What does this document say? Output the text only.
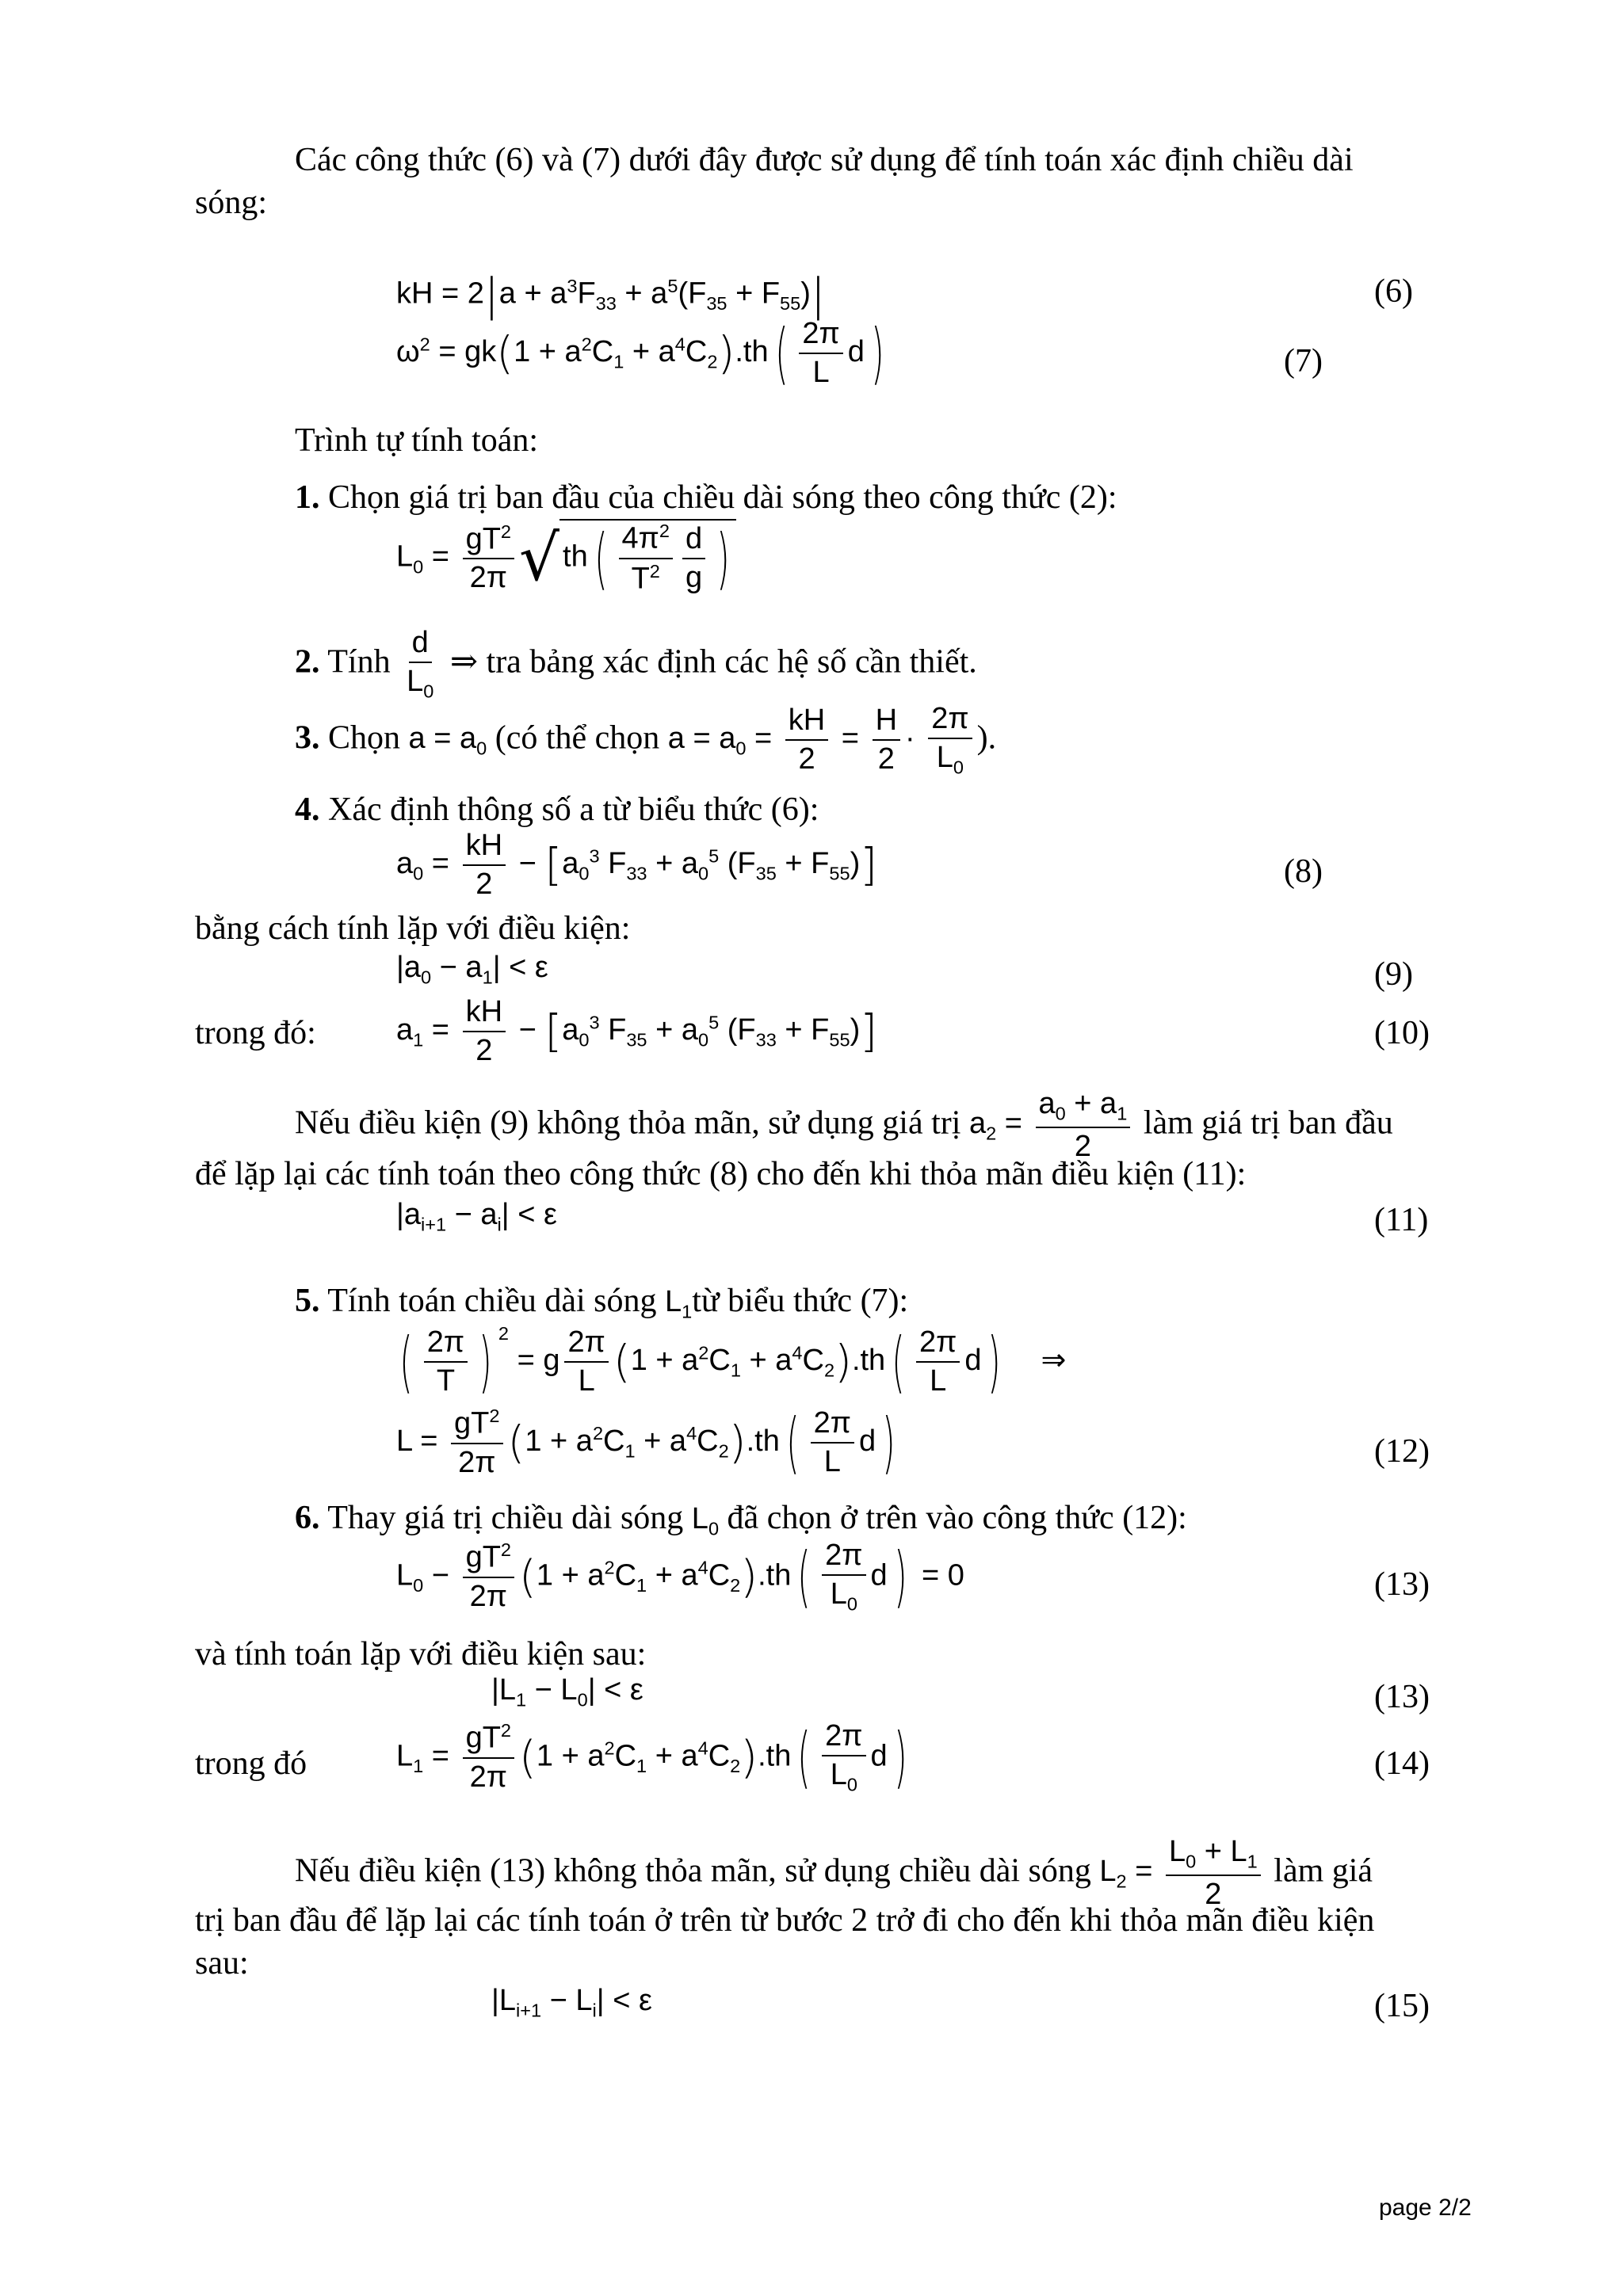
Các công thức (6) và (7) dưới đây được sử dụng để tính toán xác định chiều dài
sóng:
kH = $2|a + a^3F_{33} + a^5(F_{35} + F_{55})|$	(6)
$\omega^2 = gk(1 + a^2C_1 + a^4C_2).th( \frac{2\pi}{L} d)$	(7)
Trình tự tính toán:
1. Chọn giá trị ban đầu của chiều dài sóng theo công thức (2):
$L_0 = \frac{gT^2}{2\pi}$ √ $th( \frac{4\pi^2}{T^2} \frac{d}{g}$ )
2. Tính $\frac{d}{L_0}$ ⇒ tra bảng xác định các hệ số cần thiết.
3. Chọn $a = a_0$ (có thể chọn $a = a_0 = \frac{kH}{2} = \frac{H}{2} \cdot \frac{2\pi}{L_0}$ ).
4. Xác định thông số a từ biểu thức (6):
$a_0 = \frac{kH}{2} - [a_0^3$ $F_{33} + a_0^5$ $(F_{35} + F_{55})$]	(8)
bằng cách tính lặp với điều kiện:
$|a_0 - a_1| < \varepsilon$	(9)
trong đó:	$a_1 = \frac{kH}{2} - [a_0^3$ $F_{35} + a_0^5$ $(F_{33} + F_{55})$]	(10)
Nếu điều kiện (9) không thỏa mãn, sử dụng giá trị $a_2 = \frac{a_0 + a_1}{2}$ làm giá trị ban đầu
để lặp lại các tính toán theo công thức (8) cho đến khi thỏa mãn điều kiện (11):
$|a_{i+1} - a_i| < \varepsilon$	(11)
5. Tính toán chiều dài sóng $L_1từ$ biểu thức (7):
( $\frac{2\pi}{T}$ ) $^2$ = g $\frac{2\pi}{L} (1 + a^2C_1 + a^4C_2).th( \frac{2\pi}{L} d)$    ⇒
$L = \frac{gT^2}{2\pi} (1 + a^2C_1 + a^4C_2).th( \frac{2\pi}{L} d)$	(12)
6. Thay giá trị chiều dài sóng $L_0$ đã chọn ở trên vào công thức (12):
$L_0 - \frac{gT^2}{2\pi} (1 + a^2C_1 + a^4C_2).th( \frac{2\pi}{L_0} d) = 0$	(13)
và tính toán lặp với điều kiện sau:
$|L_1 - L_0| < \varepsilon$	(13)
trong đó	$L_1 = \frac{gT^2}{2\pi} (1 + a^2C_1 + a^4C_2).th( \frac{2\pi}{L_0} d)$	(14)
Nếu điều kiện (13) không thỏa mãn, sử dụng chiều dài sóng $L_2 = \frac{L_0 + L_1}{2}$ làm giá
trị ban đầu để lặp lại các tính toán ở trên từ bước 2 trở đi cho đến khi thỏa mãn điều kiện
sau:
$|L_{i+1} - L_i| < \varepsilon$	(15)
page 2/2
